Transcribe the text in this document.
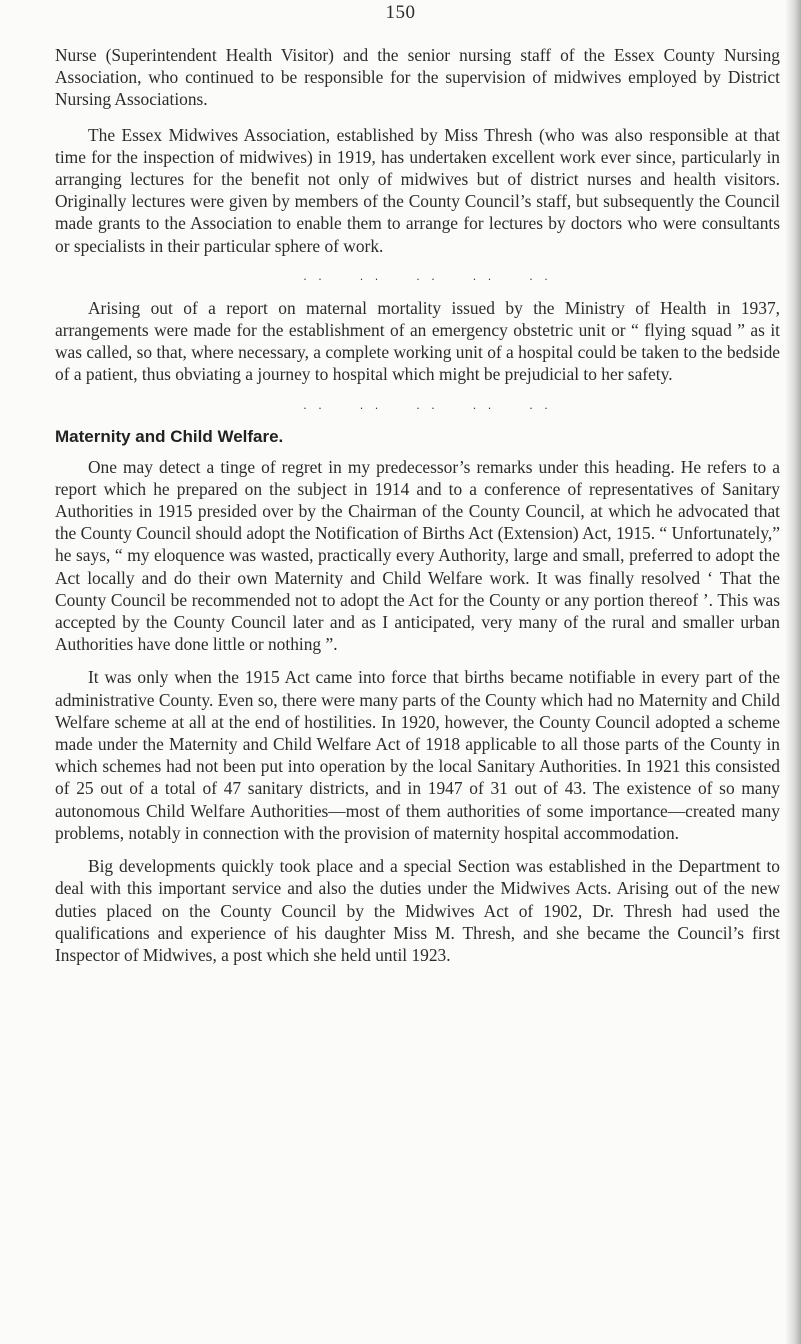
150

Nurse (Superintendent Health Visitor) and the senior nursing staff of the Essex County Nursing Association, who continued to be responsible for the supervision of midwives employed by District Nursing Associations.

The Essex Midwives Association, established by Miss Thresh (who was also responsible at that time for the inspection of midwives) in 1919, has undertaken excellent work ever since, particularly in arranging lectures for the benefit not only of midwives but of district nurses and health visitors. Originally lectures were given by members of the County Council’s staff, but subsequently the Council made grants to the Association to enable them to arrange for lectures by doctors who were consultants or specialists in their particular sphere of work.

. .	. .	. .	. .	. .

Arising out of a report on maternal mortality issued by the Ministry of Health in 1937, arrangements were made for the establishment of an emergency obstetric unit or “ flying squad ” as it was called, so that, where necessary, a complete working unit of a hospital could be taken to the bedside of a patient, thus obviating a journey to hospital which might be prejudicial to her safety.

. .	. .	. .	. .	. .
Maternity and Child Welfare.

One may detect a tinge of regret in my predecessor’s remarks under this heading. He refers to a report which he prepared on the subject in 1914 and to a conference of representatives of Sanitary Authorities in 1915 presided over by the Chairman of the County Council, at which he advocated that the County Council should adopt the Notification of Births Act (Extension) Act, 1915. “ Unfortunately,” he says, “ my eloquence was wasted, practically every Authority, large and small, preferred to adopt the Act locally and do their own Maternity and Child Welfare work. It was finally resolved ‘ That the County Council be recommended not to adopt the Act for the County or any portion thereof ’. This was accepted by the County Council later and as I anticipated, very many of the rural and smaller urban Authorities have done little or nothing ”.

It was only when the 1915 Act came into force that births became notifiable in every part of the administrative County. Even so, there were many parts of the County which had no Maternity and Child Welfare scheme at all at the end of hostilities. In 1920, however, the County Council adopted a scheme made under the Maternity and Child Welfare Act of 1918 applicable to all those parts of the County in which schemes had not been put into operation by the local Sanitary Authorities. In 1921 this consisted of 25 out of a total of 47 sanitary districts, and in 1947 of 31 out of 43. The existence of so many autonomous Child Welfare Authorities—most of them authorities of some importance—created many problems, notably in connection with the provision of maternity hospital accommodation.

Big developments quickly took place and a special Section was established in the Department to deal with this important service and also the duties under the Midwives Acts. Arising out of the new duties placed on the County Council by the Midwives Act of 1902, Dr. Thresh had used the qualifications and experience of his daughter Miss M. Thresh, and she became the Council’s first Inspector of Midwives, a post which she held until 1923.
